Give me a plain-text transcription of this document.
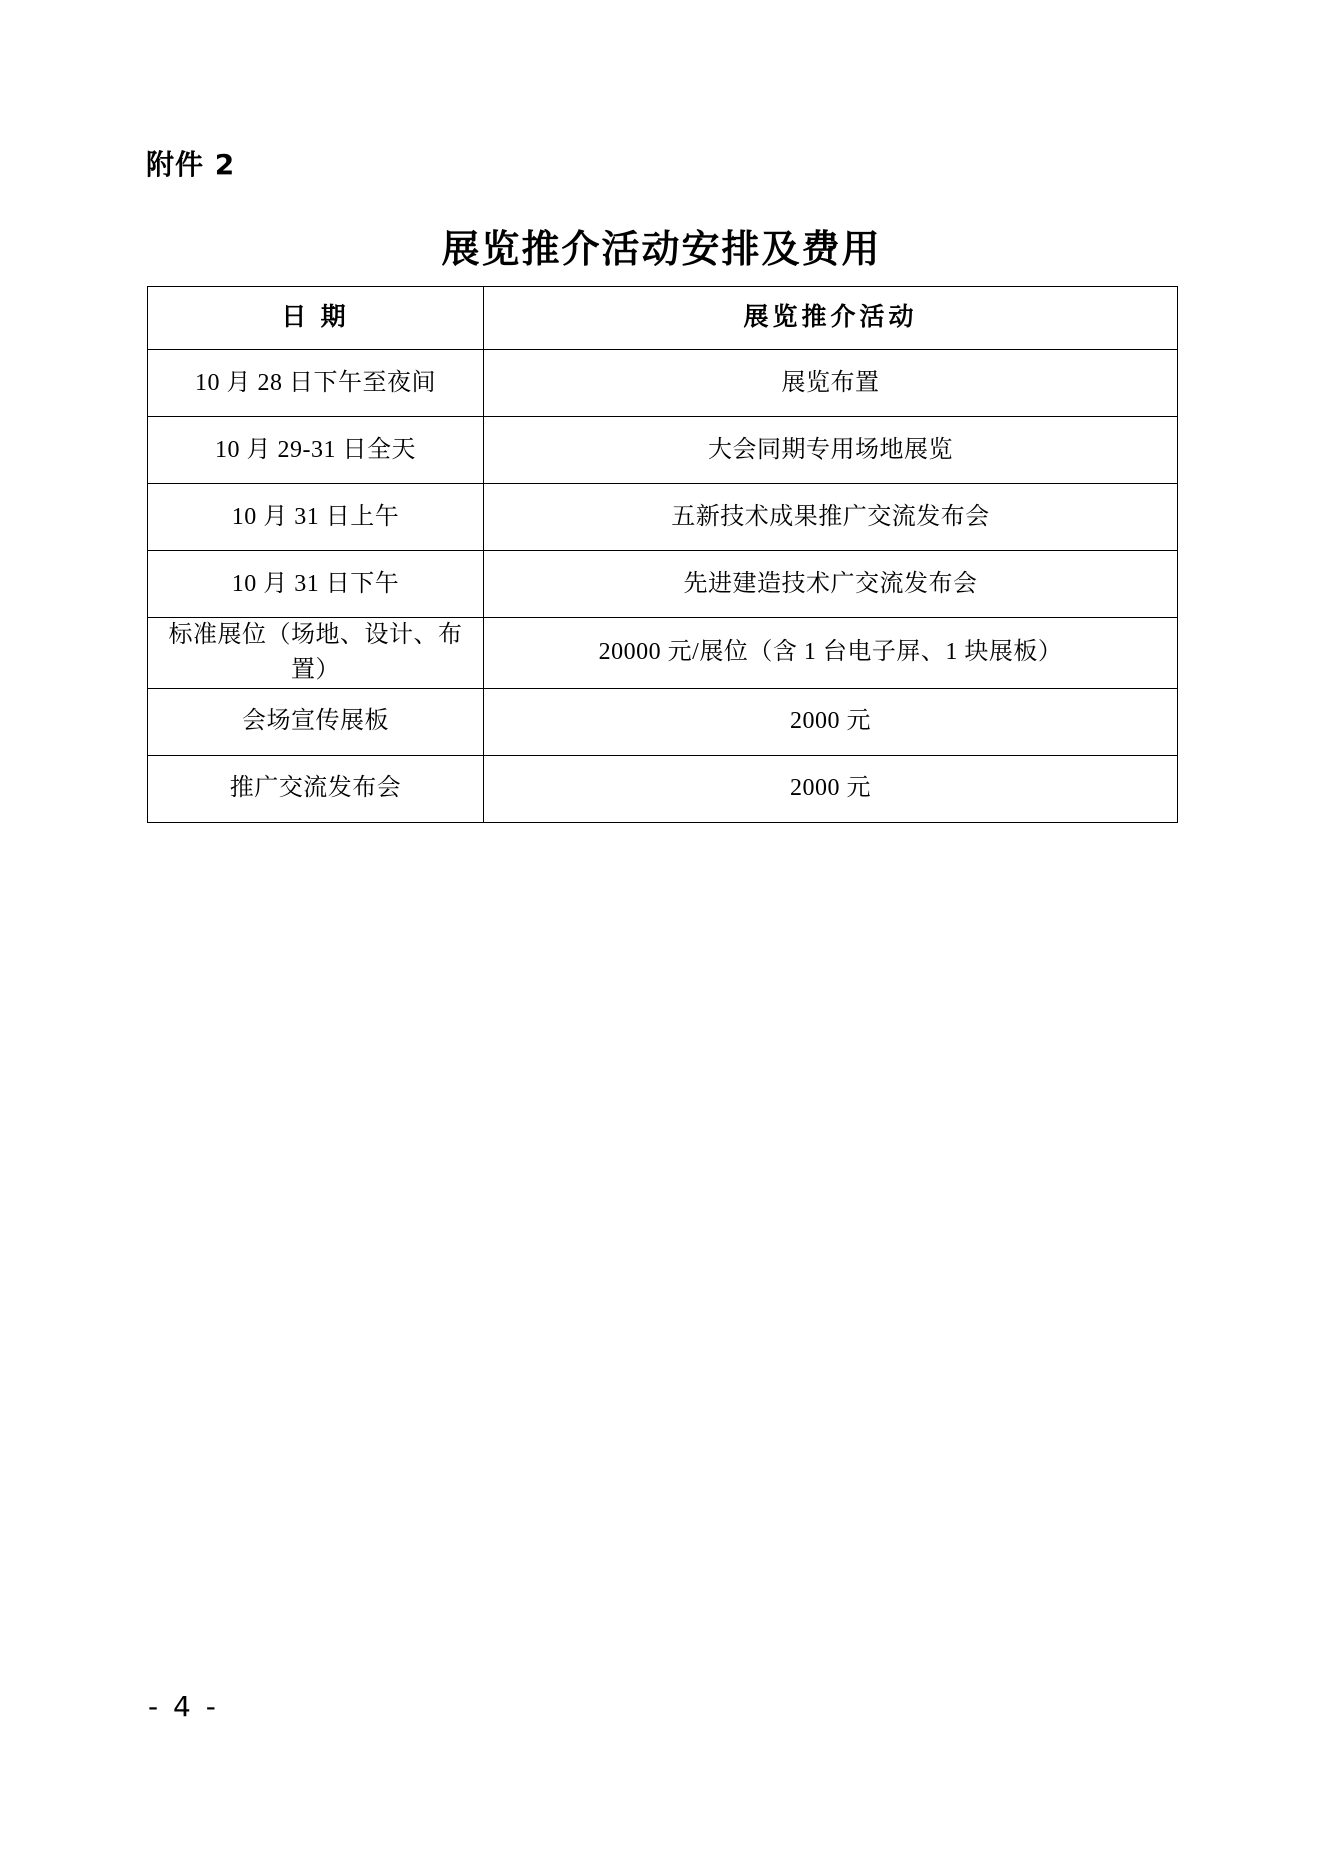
附件 2
展览推介活动安排及费用
日 期	展览推介活动
10 月 28 日下午至夜间	展览布置
10 月 29-31 日全天	大会同期专用场地展览
10 月 31 日上午	五新技术成果推广交流发布会
10 月 31 日下午	先进建造技术广交流发布会
标准展位（场地、设计、布置）	20000 元/展位（含 1 台电子屏、1 块展板）
会场宣传展板	2000 元
推广交流发布会	2000 元
- 4 -
